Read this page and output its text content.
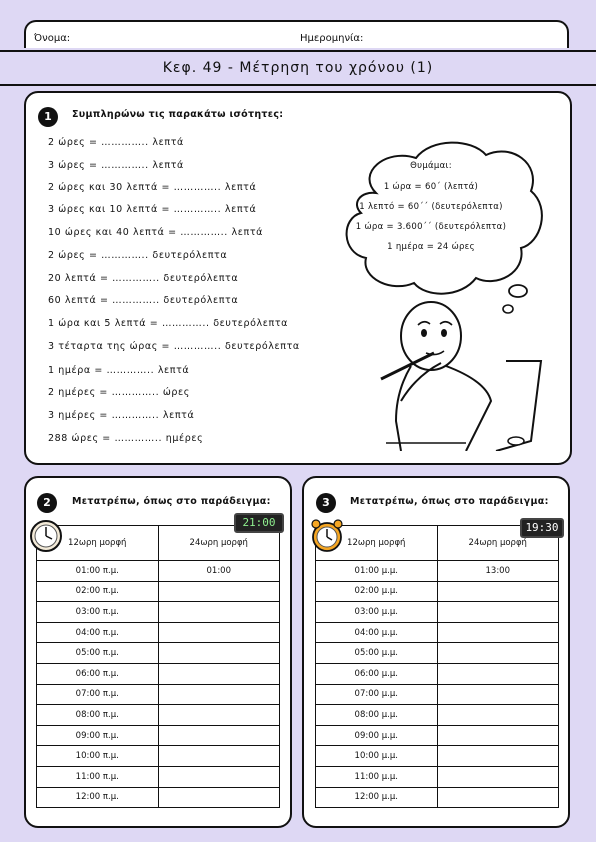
Όνομα:	Ημερομηνία:
Κεφ. 49 - Μέτρηση του χρόνου (1)
1	Συμπληρώνω τις παρακάτω ισότητες:
2 ώρες = ………….. λεπτά
3 ώρες = ………….. λεπτά
2 ώρες και 30 λεπτά = ………….. λεπτά
3 ώρες και 10 λεπτά = ………….. λεπτά
10 ώρες και 40 λεπτά = ………….. λεπτά
2 ώρες = ………….. δευτερόλεπτα
20 λεπτά = ………….. δευτερόλεπτα
60 λεπτά = ………….. δευτερόλεπτα
1 ώρα και 5 λεπτά = ………….. δευτερόλεπτα
3 τέταρτα της ώρας = ………….. δευτερόλεπτα
1 ημέρα = ………….. λεπτά
2 ημέρες = ………….. ώρες
3 ημέρες = ………….. λεπτά
288 ώρες = ………….. ημέρες
Θυμάμαι:
1 ώρα = 60΄ (λεπτά)
1 λεπτό = 60΄΄ (δευτερόλεπτα)
1 ώρα = 3.600΄΄ (δευτερόλεπτα)
1 ημέρα = 24 ώρες
2	Μετατρέπω, όπως στο παράδειγμα:
12ωρη μορφή	24ωρη μορφή
01:00 π.μ.	01:00
02:00 π.μ.	
03:00 π.μ.	
04:00 π.μ.	
05:00 π.μ.	
06:00 π.μ.	
07:00 π.μ.	
08:00 π.μ.	
09:00 π.μ.	
10:00 π.μ.	
11:00 π.μ.	
12:00 π.μ.	
21:00
3	Μετατρέπω, όπως στο παράδειγμα:
12ωρη μορφή	24ωρη μορφή
01:00 μ.μ.	13:00
02:00 μ.μ.	
03:00 μ.μ.	
04:00 μ.μ.	
05:00 μ.μ.	
06:00 μ.μ.	
07:00 μ.μ.	
08:00 μ.μ.	
09:00 μ.μ.	
10:00 μ.μ.	
11:00 μ.μ.	
12:00 μ.μ.	
19:30
